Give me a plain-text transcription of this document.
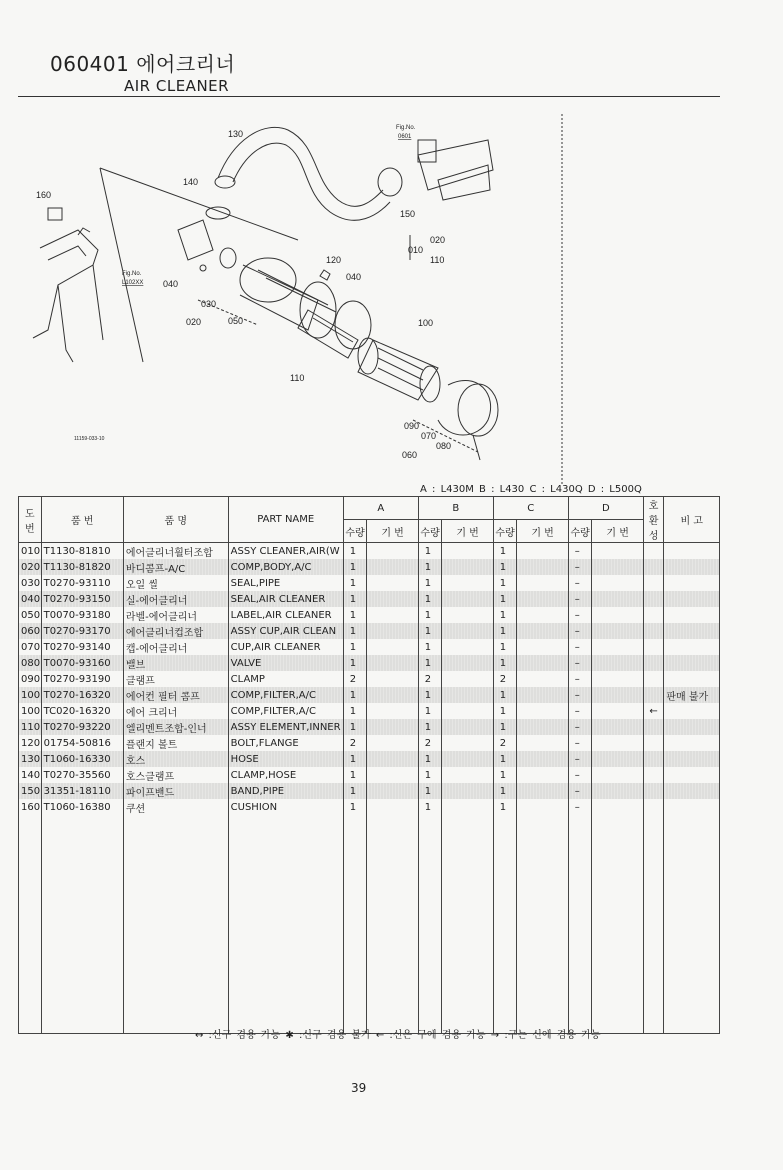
060401 에어크리너
AIR CLEANER
130
140
160
150
010
020
110
120
040
030
020	050
040
100
110
090
070
080
060
Fig.No.
0601
Fig.No.
L102XX
11159-033-10
A : L430M B : L430 C : L430Q D : L500Q
도 번	품 번	품 명	PART NAME	A		B		C		D		호 환 성	비 고
				수량	기 번	수량	기 번	수량	기 번	수량	기 번		
010	T1130-81810	에어클리너휠터조합	ASSY CLEANER,AIR(W	1		1		1		–			
020	T1130-81820	바디콤프-A/C	COMP,BODY,A/C	1		1		1		–			
030	T0270-93110	오일 씰	SEAL,PIPE	1		1		1		–			
040	T0270-93150	실-에어클리너	SEAL,AIR CLEANER	1		1		1		–			
050	T0070-93180	라벨-에어클리너	LABEL,AIR CLEANER	1		1		1		–			
060	T0270-93170	에어클리너컵조합	ASSY CUP,AIR CLEAN	1		1		1		–			
070	T0270-93140	캡-에어클리너	CUP,AIR CLEANER	1		1		1		–			
080	T0070-93160	밸브	VALVE	1		1		1		–			
090	T0270-93190	클램프	CLAMP	2		2		2		–			
100	T0270-16320	에어컨 필터 콤프	COMP,FILTER,A/C	1		1		1		–			판매 불가
100	TC020-16320	에어 크리너	COMP,FILTER,A/C	1		1		1		–		←	
110	T0270-93220	엘리멘트조합-인너	ASSY ELEMENT,INNER	1		1		1		–			
120	01754-50816	플랜지 볼트	BOLT,FLANGE	2		2		2		–			
130	T1060-16330	호스	HOSE	1		1		1		–			
140	T0270-35560	호스클램프	CLAMP,HOSE	1		1		1		–			
150	31351-18110	파이프밴드	BAND,PIPE	1		1		1		–			
160	T1060-16380	쿠션	CUSHION	1		1		1		–			

↔ :신구 겸용 가능 ✱ :신구 겸용 불가 ← :신은 구에 겸용 가능 → :구는 신에 겸용 가능
39
